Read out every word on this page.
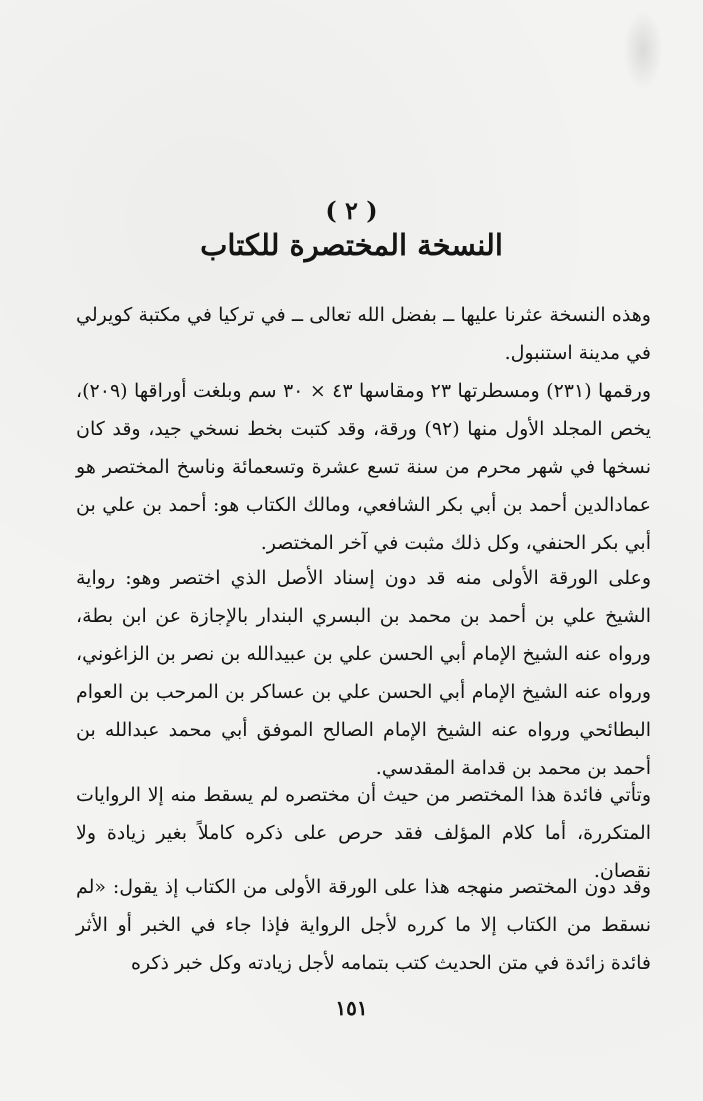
( ٢ )
النسخة المختصرة للكتاب

وهذه النسخة عثرنا عليها ــ بفضل الله تعالى ــ في تركيا في مكتبة كويرلي في مدينة استنبول.

ورقمها (٢٣١) ومسطرتها ٢٣ ومقاسها ٤٣ × ٣٠ سم وبلغت أوراقها (٢٠٩)، يخص المجلد الأول منها (٩٢) ورقة، وقد كتبت بخط نسخي جيد، وقد كان نسخها في شهر محرم من سنة تسع عشرة وتسعمائة وناسخ المختصر هو عمادالدين أحمد بن أبي بكر الشافعي، ومالك الكتاب هو: أحمد بن علي بن أبي بكر الحنفي، وكل ذلك مثبت في آخر المختصر.

وعلى الورقة الأولى منه قد دون إسناد الأصل الذي اختصر وهو: رواية الشيخ علي بن أحمد بن محمد بن البسري البندار بالإجازة عن ابن بطة، ورواه عنه الشيخ الإمام أبي الحسن علي بن عبيدالله بن نصر بن الزاغوني، ورواه عنه الشيخ الإمام أبي الحسن علي بن عساكر بن المرحب بن العوام البطائحي ورواه عنه الشيخ الإمام الصالح الموفق أبي محمد عبدالله بن أحمد بن محمد بن قدامة المقدسي.

وتأتي فائدة هذا المختصر من حيث أن مختصره لم يسقط منه إلا الروايات المتكررة، أما كلام المؤلف فقد حرص على ذكره كاملاً بغير زيادة ولا نقصان.

وقد دون المختصر منهجه هذا على الورقة الأولى من الكتاب إذ يقول: «لم نسقط من الكتاب إلا ما كرره لأجل الرواية فإذا جاء في الخبر أو الأثر فائدة زائدة في متن الحديث كتب بتمامه لأجل زيادته وكل خبر ذكره

١٥١
